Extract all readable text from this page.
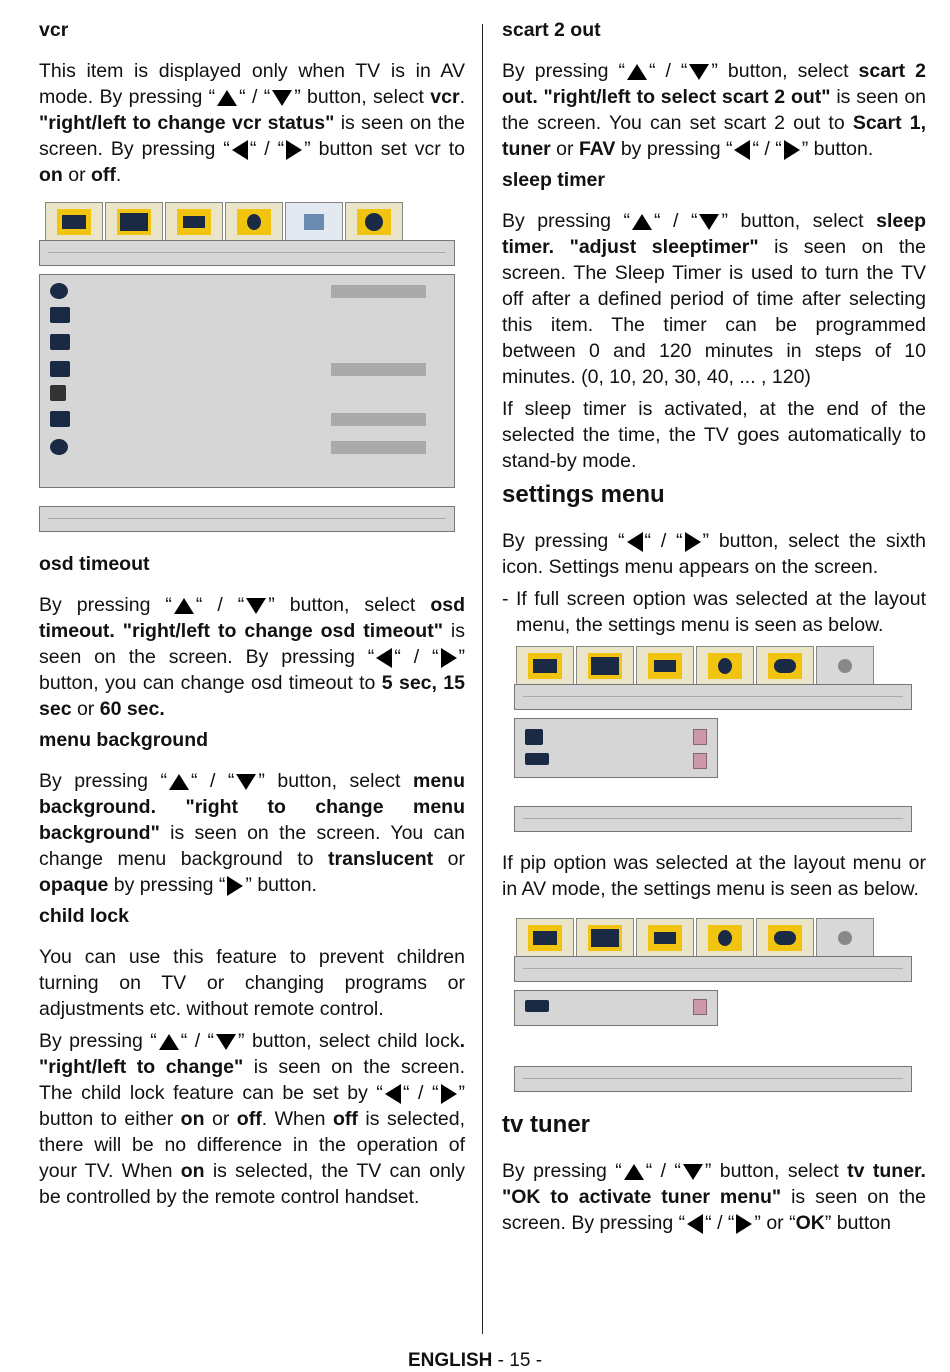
vcr

This item is displayed only when TV is in AV mode. By pressing “ “ / “ ” button, select vcr. "right/left to change vcr status" is seen on the screen. By pressing “ “ / “ ” button set vcr to on or off.

osd timeout

By pressing “ “ / “ ” button, select osd timeout. "right/left to change osd timeout" is seen on the screen. By pressing “ “ / “ ” button, you can change osd timeout to 5 sec, 15 sec or 60 sec.

menu background

By pressing “ “ / “ ” button, select menu background. "right to change menu background" is seen on the screen. You can change menu background to translucent or opaque by pressing “ ” button.

child lock

You can use this feature to prevent children turning on TV or changing programs or adjustments etc. without remote control.

By pressing “ “ / “ ” button, select child lock. "right/left to change" is seen on the screen. The child lock feature can be set by “ “ / “ ” button to either on or off. When off is selected, there will be no difference in the operation of your TV. When on is selected, the TV can only be controlled by the remote control handset.

scart 2 out

By pressing “ “ / “ ” button, select scart 2 out. "right/left to select scart 2 out" is seen on the screen. You can set scart 2 out to Scart 1, tuner or FAV by pressing “ “ / “ ” button.

sleep timer

By pressing “ “ / “ ” button, select sleep timer. "adjust sleeptimer" is seen on the screen. The Sleep Timer is used to turn the TV off after a defined period of time after selecting this item. The timer can be programmed between 0 and 120 minutes in steps of 10 minutes. (0, 10, 20, 30, 40, ... , 120)

If sleep timer is activated, at the end of the selected the time, the TV goes automatically to stand-by mode.

settings menu

By pressing “ “ / “ ” button, select the sixth icon. Settings menu appears on the screen.

- If full screen option was selected at the layout menu, the settings menu is seen as below.

If pip option was selected at the layout menu or in AV mode, the settings menu is seen as below.

tv tuner

By pressing “ “ / “ ” button, select tv tuner. "OK to activate tuner menu" is seen on the screen. By pressing “ “ / “ ” or “OK” button

ENGLISH - 15 -
